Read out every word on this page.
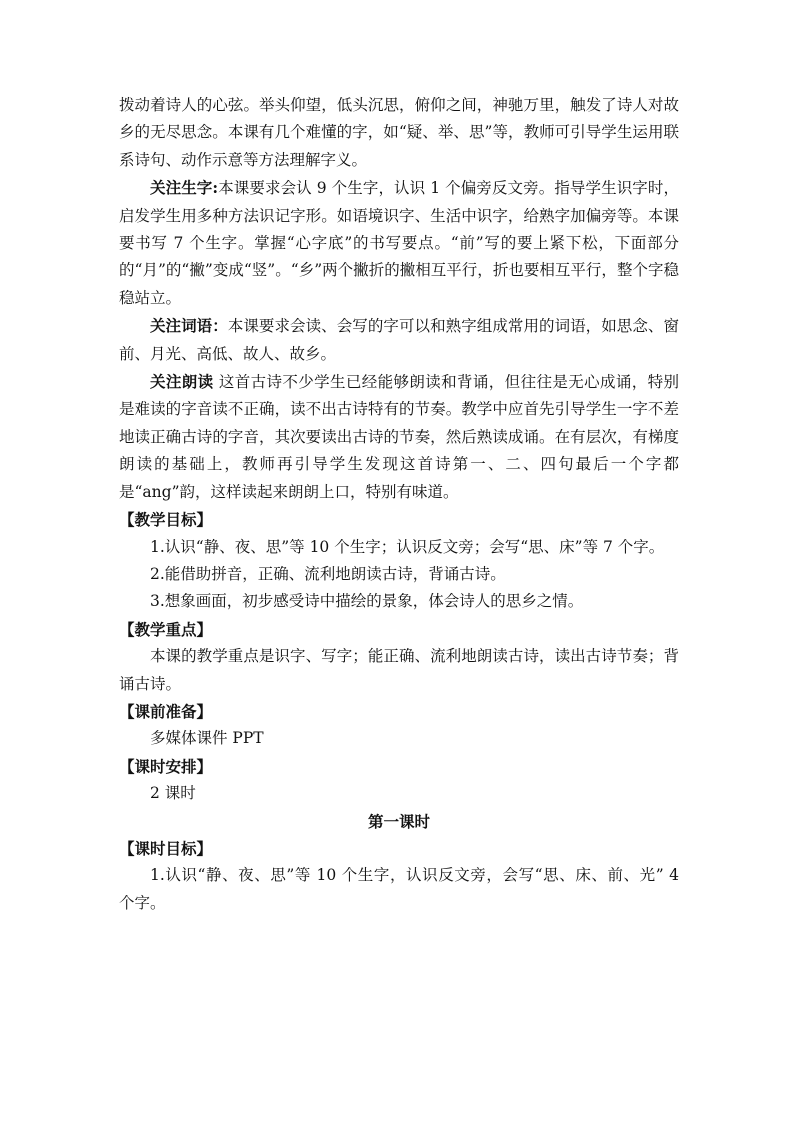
拨动着诗人的心弦。举头仰望，低头沉思，俯仰之间，神驰万里，触发了诗人对故乡的无尽思念。本课有几个难懂的字，如“疑、举、思”等，教师可引导学生运用联系诗句、动作示意等方法理解字义。

关注生字:本课要求会认 9 个生字，认识 1 个偏旁反文旁。指导学生识字时，启发学生用多种方法识记字形。如语境识字、生活中识字，给熟字加偏旁等。本课要书写 7 个生字。掌握“心字底”的书写要点。“前”写的要上紧下松，下面部分的“月”的“撇”变成“竖”。“乡”两个撇折的撇相互平行，折也要相互平行，整个字稳稳站立。

关注词语：本课要求会读、会写的字可以和熟字组成常用的词语，如思念、窗前、月光、高低、故人、故乡。

关注朗读 这首古诗不少学生已经能够朗读和背诵，但往往是无心成诵，特别是难读的字音读不正确，读不出古诗特有的节奏。教学中应首先引导学生一字不差地读正确古诗的字音，其次要读出古诗的节奏，然后熟读成诵。在有层次，有梯度朗读的基础上，教师再引导学生发现这首诗第一、二、四句最后一个字都是“ang”韵，这样读起来朗朗上口，特别有味道。

【教学目标】

1.认识“静、夜、思”等 10 个生字；认识反文旁；会写“思、床”等 7 个字。

2.能借助拼音，正确、流利地朗读古诗，背诵古诗。

3.想象画面，初步感受诗中描绘的景象，体会诗人的思乡之情。

【教学重点】

本课的教学重点是识字、写字；能正确、流利地朗读古诗，读出古诗节奏；背诵古诗。

【课前准备】

多媒体课件 PPT

【课时安排】

2 课时

第一课时

【课时目标】

1.认识“静、夜、思”等 10 个生字，认识反文旁，会写“思、床、前、光” 4 个字。
